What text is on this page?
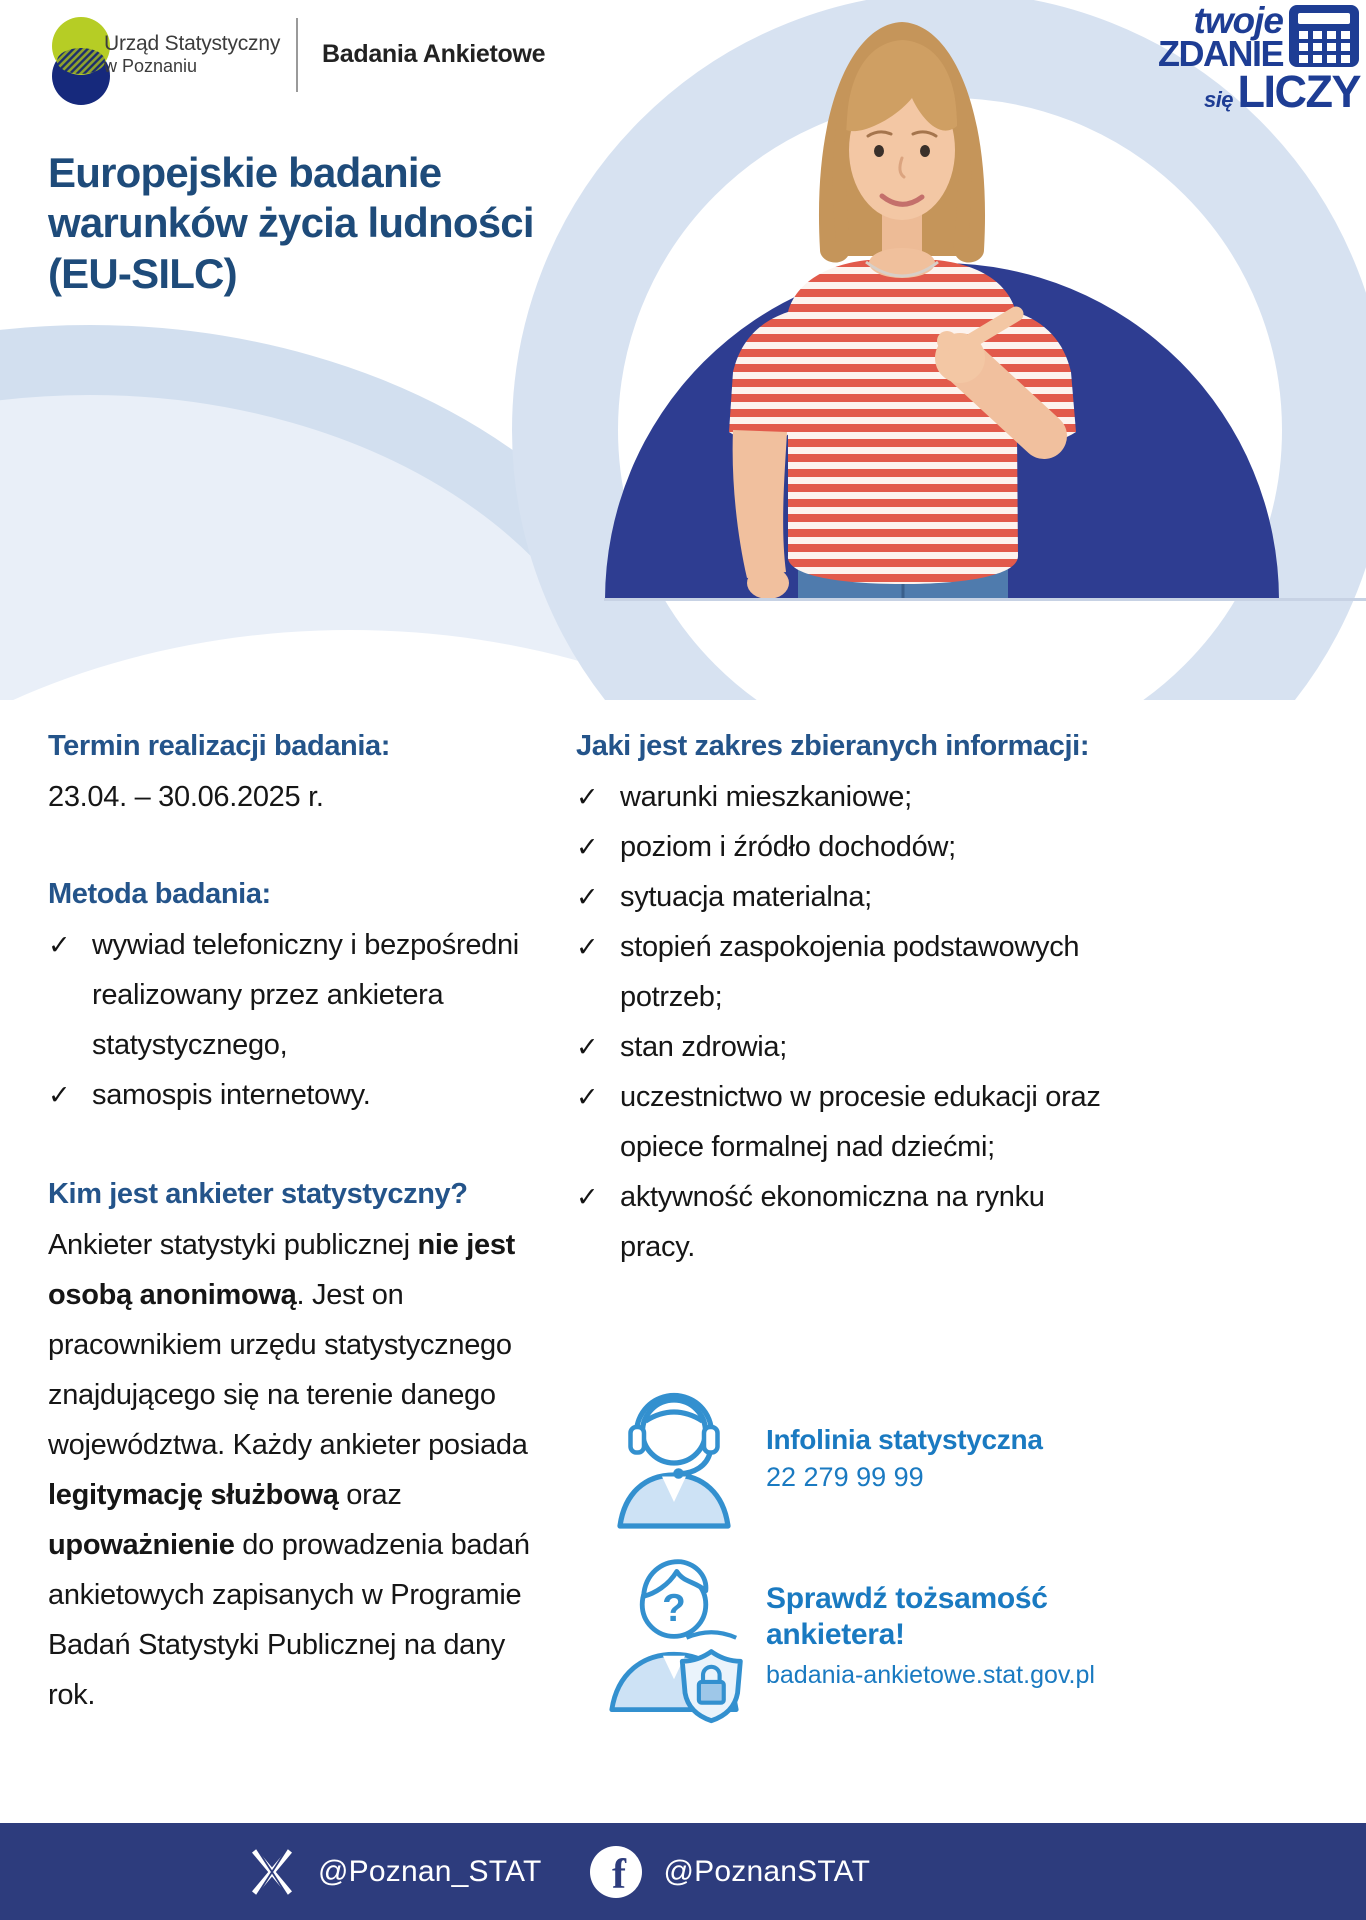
Urząd Statystyczny
w Poznaniu	Badania Ankietowe
twoje
ZDANIE
się LICZY
Europejskie badanie
warunków życia ludności
(EU-SILC)
Termin realizacji badania:
23.04. – 30.06.2025 r.
Metoda badania:
✓ wywiad telefoniczny i bezpośredni realizowany przez ankietera statystycznego,
✓ samospis internetowy.
Kim jest ankieter statystyczny?

Ankieter statystyki publicznej nie jest osobą anonimową. Jest on pracownikiem urzędu statystycznego znajdującego się na terenie danego województwa. Każdy ankieter posiada legitymację służbową oraz upoważnienie do prowadzenia badań ankietowych zapisanych w Programie Badań Statystyki Publicznej na dany rok.

Jaki jest zakres zbieranych informacji:
✓ warunki mieszkaniowe;
✓ poziom i źródło dochodów;
✓ sytuacja materialna;
✓ stopień zaspokojenia podstawowych potrzeb;
✓ stan zdrowia;
✓ uczestnictwo w procesie edukacji oraz opiece formalnej nad dziećmi;
✓ aktywność ekonomiczna na rynku pracy.
Infolinia statystyczna
22 279 99 99
?	Sprawdź tożsamość
ankietera!
badania-ankietowe.stat.gov.pl
@Poznan_STAT f @PoznanSTAT
